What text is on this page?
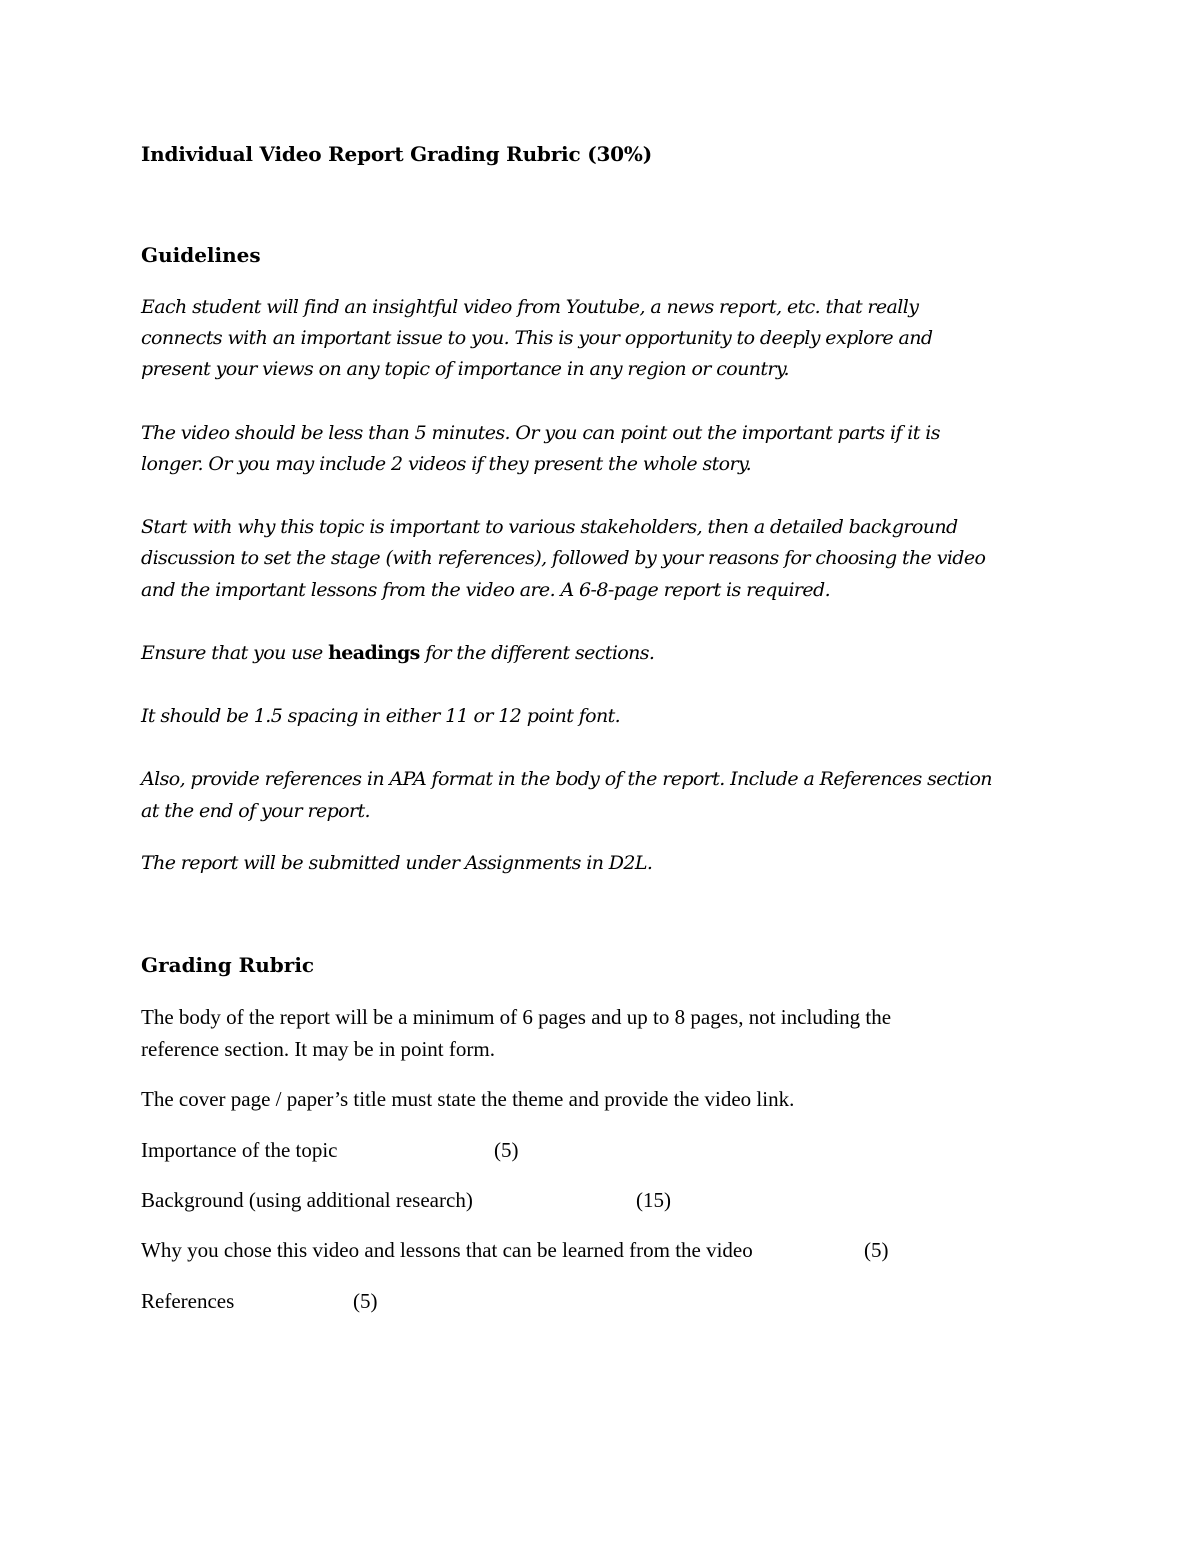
Individual Video Report Grading Rubric (30%)
Guidelines
Each student will find an insightful video from Youtube, a news report, etc. that really
connects with an important issue to you. This is your opportunity to deeply explore and
present your views on any topic of importance in any region or country.
The video should be less than 5 minutes. Or you can point out the important parts if it is
longer. Or you may include 2 videos if they present the whole story.
Start with why this topic is important to various stakeholders, then a detailed background
discussion to set the stage (with references), followed by your reasons for choosing the video
and the important lessons from the video are. A 6-8-page report is required.
Ensure that you use headings for the different sections.
It should be 1.5 spacing in either 11 or 12 point font.
Also, provide references in APA format in the body of the report. Include a References section
at the end of your report.
The report will be submitted under Assignments in D2L.
Grading Rubric
The body of the report will be a minimum of 6 pages and up to 8 pages, not including the
reference section. It may be in point form.
The cover page / paper’s title must state the theme and provide the video link.
Importance of the topic	(5)
Background (using additional research)	(15)
Why you chose this video and lessons that can be learned from the video	(5)
References	(5)
